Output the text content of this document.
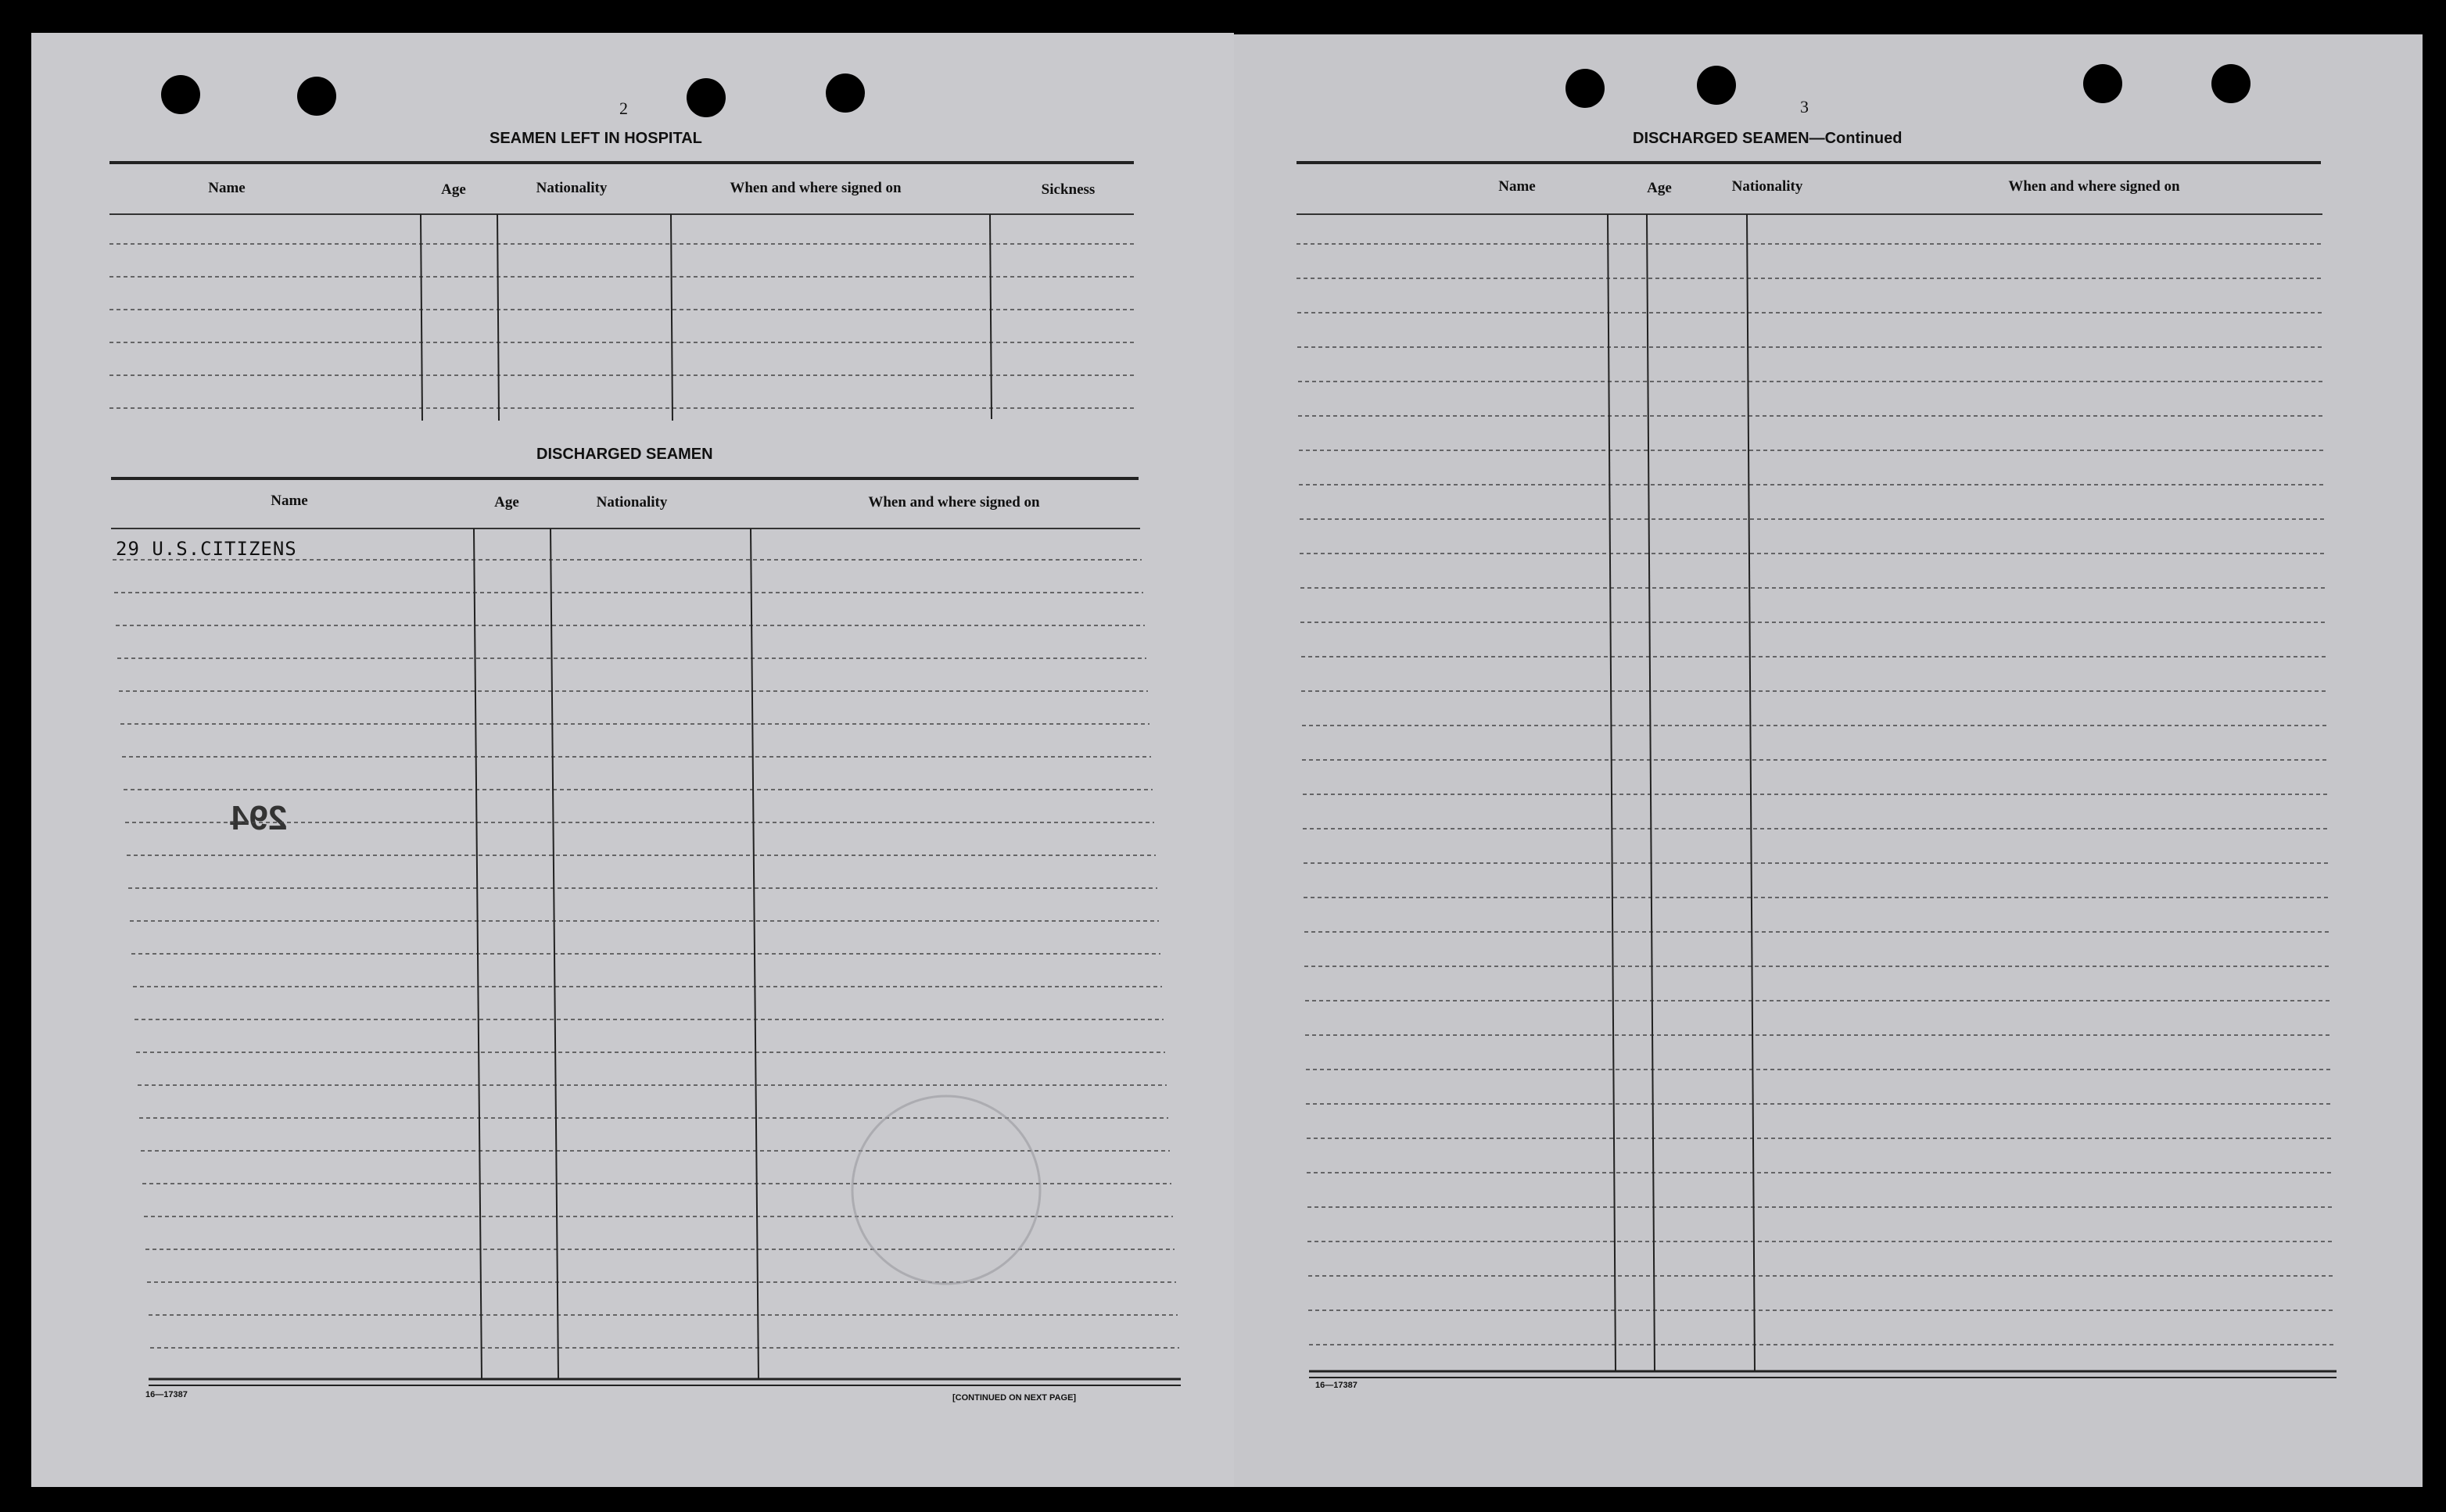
2
SEAMEN LEFT IN HOSPITAL
Name	Age	Nationality	When and where signed on	Sickness
DISCHARGED SEAMEN
Name	Age	Nationality	When and where signed on
29 U.S.CITIZENS
294
16—17387	[CONTINUED ON NEXT PAGE]
3
DISCHARGED SEAMEN—Continued
Name	Age	Nationality	When and where signed on
16—17387
